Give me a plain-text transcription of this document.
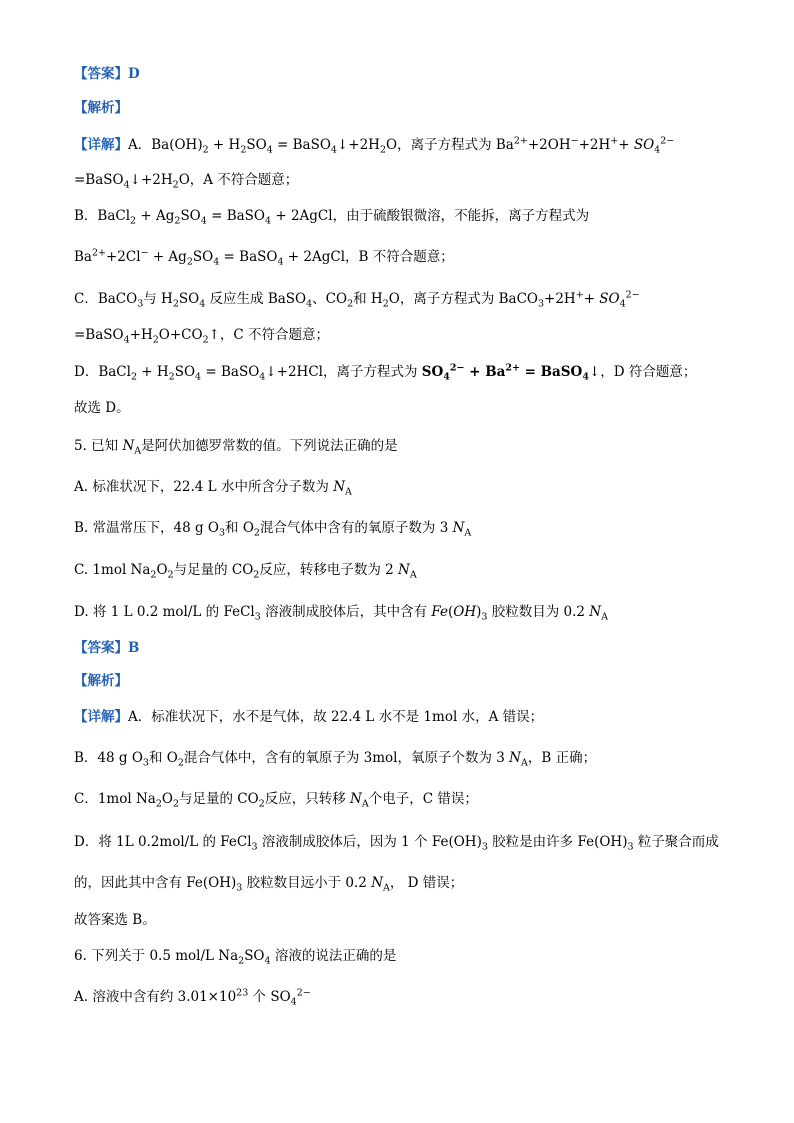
【答案】D
【解析】
【详解】A．$Ba(OH)_2 + H_2SO_4$ = $BaSO_4↓+2H_2O$，离子方程式为 $Ba^{2+}+2OH^-+2H^++ SO_4^{2-}$
$=BaSO_4↓+2H_2O$，A 不符合题意；
B．BaCl$_2$ + $Ag_2SO_4$ = BaSO$_4$ + 2AgCl，由于硫酸银微溶，不能拆，离子方程式为
$Ba^{2+}+2Cl^- + Ag_2SO_4$ = BaSO$_4$ + 2AgCl，B 不符合题意；
C．BaCO$_3$与 $H_2SO_4$ 反应生成 BaSO$_4$、$CO_2$和 $H_2O$，离子方程式为 BaCO$_3$+2H++ $SO_4^{2-}$
$=BaSO_4+H_2O+CO_2↑$，C 不符合题意；
D．BaCl$_2$ + $H_2SO_4$ = BaSO$_4$↓+2HCl，离子方程式为 $SO_4^{2-} + Ba^{2+}$ = BaSO$_4$↓，D 符合题意；
故选 D。
5. 已知 $N_A$是阿伏加德罗常数的值。下列说法正确的是
A. 标准状况下，22.4 L 水中所含分子数为 $N_A$
B. 常温常压下，48 g $O_3$和 $O_2$混合气体中含有的氧原子数为 3 $N_A$
C. 1mol $Na_2O_2$与足量的 $CO_2$反应，转移电子数为 2 $N_A$
D. 将 1 L 0.2 mol/L 的 FeCl$_3$ 溶液制成胶体后，其中含有 $Fe(OH)_3$ 胶粒数目为 0.2 $N_A$
【答案】B
【解析】
【详解】A．标准状况下，水不是气体，故 22.4 L 水不是 1mol 水，A 错误；
B．48 g $O_3$和 $O_2$混合气体中，含有的氧原子为 3mol，氧原子个数为 3 $N_A$，B 正确；
C．1mol $Na_2O_2$与足量的 $CO_2$反应，只转移 $N_A$个电子，C 错误；
D．将 1L 0.2mol/L 的 FeCl$_3$ 溶液制成胶体后，因为 1 个 $Fe(OH)_3$ 胶粒是由许多 $Fe(OH)_3$ 粒子聚合而成
的，因此其中含有 $Fe(OH)_3$ 胶粒数目远小于 0.2 $N_A$， D 错误；
故答案选 B。
6. 下列关于 0.5 mol/L $Na_2SO_4$ 溶液的说法正确的是
A. 溶液中含有约 $3.01\times 10^{23}$ 个 $SO_4^{2-}$
